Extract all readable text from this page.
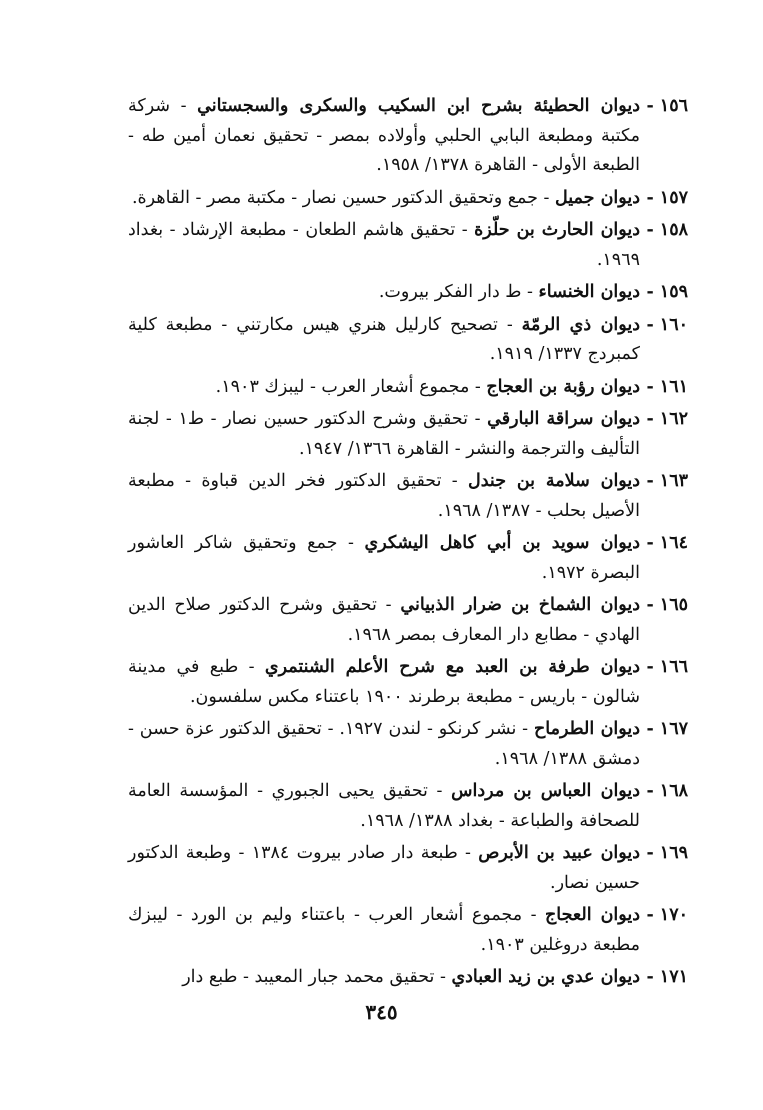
١٥٦ -
ديوان الحطيئة بشرح ابن السكيب والسكرى والسجستاني - شركة مكتبة ومطبعة البابي الحلبي وأولاده بمصر - تحقيق نعمان أمين طه - الطبعة الأولى - القاهرة ١٣٧٨/ ١٩٥٨.
١٥٧ -
ديوان جميل - جمع وتحقيق الدكتور حسين نصار - مكتبة مصر - القاهرة.
١٥٨ -
ديوان الحارث بن حلّزة - تحقيق هاشم الطعان - مطبعة الإرشاد - بغداد ١٩٦٩.
١٥٩ -
ديوان الخنساء - ط دار الفكر بيروت.
١٦٠ -
ديوان ذي الرمّة - تصحيح كارليل هنري هيس مكارتني - مطبعة كلية كمبردج ١٣٣٧/ ١٩١٩.
١٦١ -
ديوان رؤبة بن العجاج - مجموع أشعار العرب - ليبزك ١٩٠٣.
١٦٢ -
ديوان سراقة البارقي - تحقيق وشرح الدكتور حسين نصار - ط١ - لجنة التأليف والترجمة والنشر - القاهرة ١٣٦٦/ ١٩٤٧.
١٦٣ -
ديوان سلامة بن جندل - تحقيق الدكتور فخر الدين قباوة - مطبعة الأصيل بحلب - ١٣٨٧/ ١٩٦٨.
١٦٤ -
ديوان سويد بن أبي كاهل اليشكري - جمع وتحقيق شاكر العاشور البصرة ١٩٧٢.
١٦٥ -
ديوان الشماخ بن ضرار الذبياني - تحقيق وشرح الدكتور صلاح الدين الهادي - مطابع دار المعارف بمصر ١٩٦٨.
١٦٦ -
ديوان طرفة بن العبد مع شرح الأعلم الشنتمري - طبع في مدينة شالون - باريس - مطبعة برطرند ١٩٠٠ باعتناء مكس سلفسون.
١٦٧ -
ديوان الطرماح - نشر كرنكو - لندن ١٩٢٧. - تحقيق الدكتور عزة حسن - دمشق ١٣٨٨/ ١٩٦٨.
١٦٨ -
ديوان العباس بن مرداس - تحقيق يحيى الجبوري - المؤسسة العامة للصحافة والطباعة - بغداد ١٣٨٨/ ١٩٦٨.
١٦٩ -
ديوان عبيد بن الأبرص - طبعة دار صادر بيروت ١٣٨٤ - وطبعة الدكتور حسين نصار.
١٧٠ -
ديوان العجاج - مجموع أشعار العرب - باعتناء وليم بن الورد - ليبزك مطبعة دروغلين ١٩٠٣.
١٧١ -
ديوان عدي بن زيد العبادي - تحقيق محمد جبار المعيبد - طبع دار
٣٤٥
